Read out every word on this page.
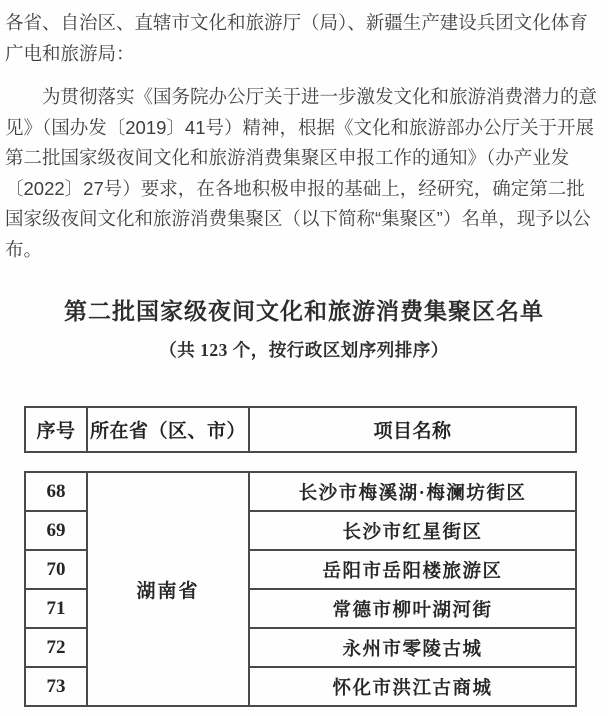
各省、自治区、直辖市文化和旅游厅（局）、新疆生产建设兵团文化体育广电和旅游局：

为贯彻落实《国务院办公厅关于进一步激发文化和旅游消费潜力的意见》（国办发〔2019〕41号）精神，根据《文化和旅游部办公厅关于开展第二批国家级夜间文化和旅游消费集聚区申报工作的通知》（办产业发〔2022〕27号）要求，在各地积极申报的基础上，经研究，确定第二批国家级夜间文化和旅游消费集聚区（以下简称“集聚区”）名单，现予以公布。

第二批国家级夜间文化和旅游消费集聚区名单
（共 123 个，按行政区划序列排序）
序号	所在省（区、市）	项目名称
68	湖南省	长沙市梅溪湖·梅澜坊街区
69		长沙市红星街区
70		岳阳市岳阳楼旅游区
71		常德市柳叶湖河街
72		永州市零陵古城
73		怀化市洪江古商城
